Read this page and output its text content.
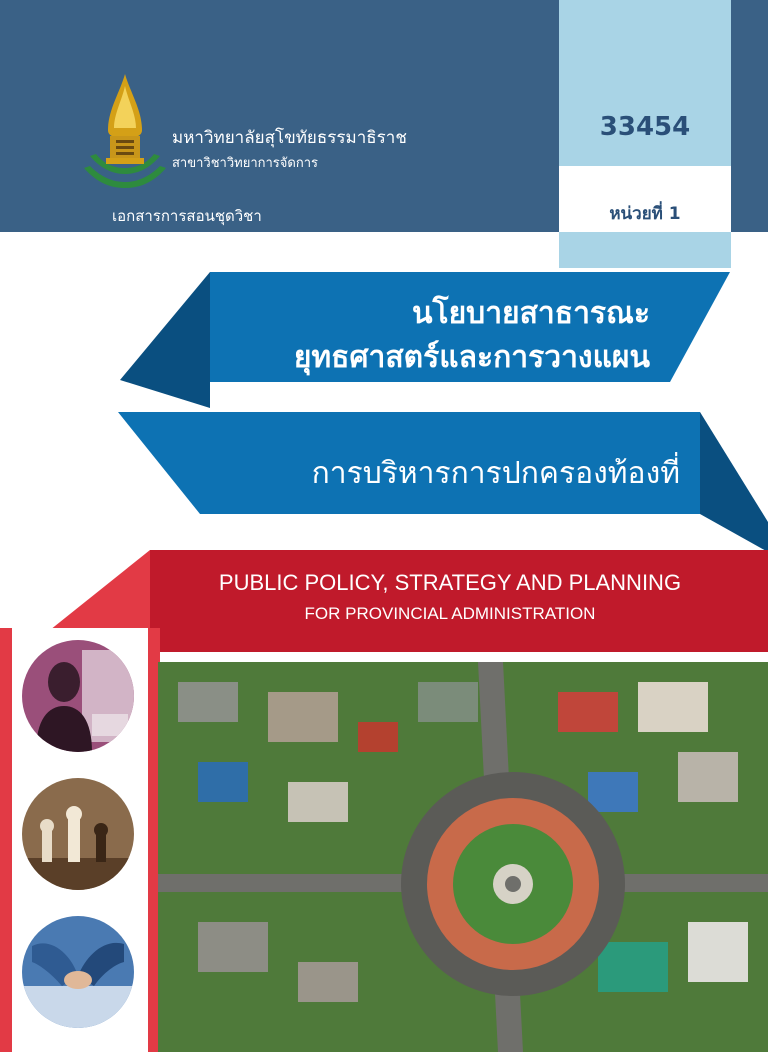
มหาวิทยาลัยสุโขทัยธรรมาธิราช
สาขาวิชาวิทยาการจัดการ
เอกสารการสอนชุดวิชา
33454
หน่วยที่ 1
นโยบายสาธารณะ
ยุทธศาสตร์และการวางแผน
การบริหารการปกครองท้องที่
PUBLIC POLICY, STRATEGY AND PLANNING
FOR PROVINCIAL ADMINISTRATION
